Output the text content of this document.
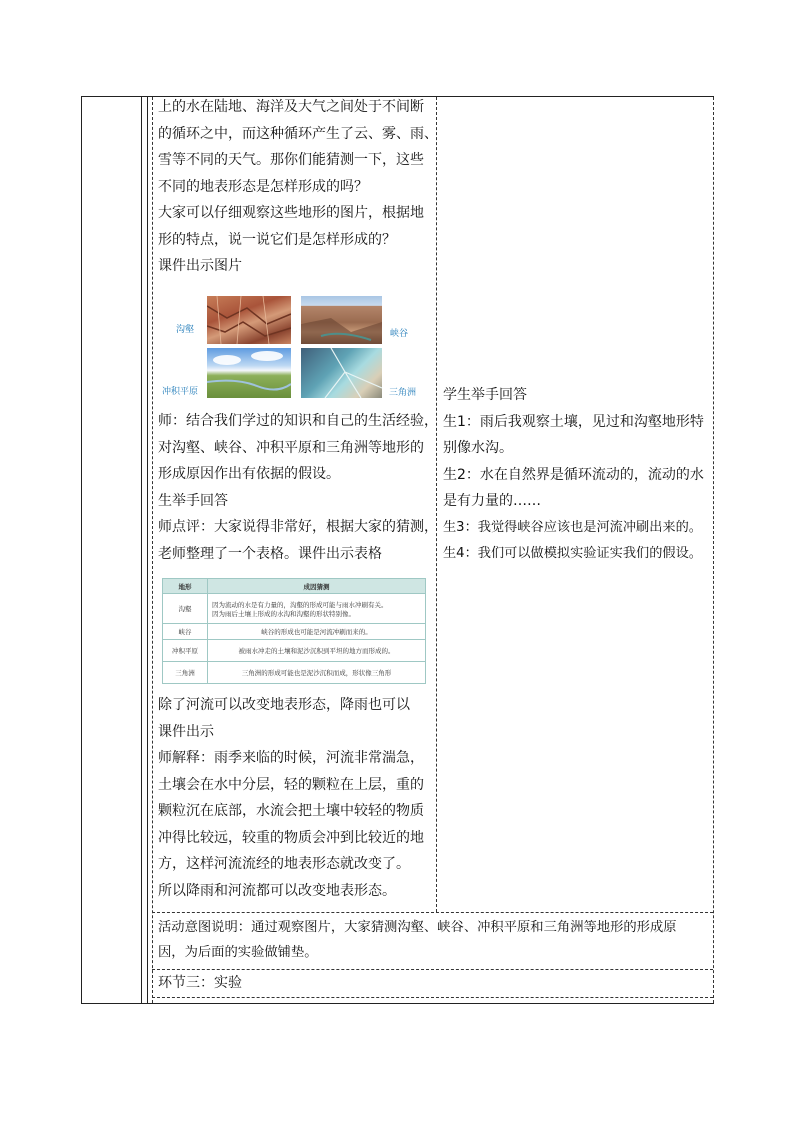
上的水在陆地、海洋及大气之间处于不间断

的循环之中，而这种循环产生了云、雾、雨、

雪等不同的天气。那你们能猜测一下，这些

不同的地表形态是怎样形成的吗？

大家可以仔细观察这些地形的图片，根据地

形的特点，说一说它们是怎样形成的？

课件出示图片

沟壑	峡谷
冲积平原	三角洲

师：结合我们学过的知识和自己的生活经验，

对沟壑、峡谷、冲积平原和三角洲等地形的

形成原因作出有依据的假设。

生举手回答

师点评：大家说得非常好，根据大家的猜测，

老师整理了一个表格。课件出示表格

地形	成因猜测
沟壑	因为流动的水是有力量的，沟壑的形成可能与雨水冲刷有关。
因为雨后土壤上形成的水沟和沟壑的形状特别像。

峡谷	峡谷的形成也可能是河流冲刷而来的。
冲积平原	被雨水冲走的土壤和泥沙沉积到平坦的地方而形成的。
三角洲	三角洲的形成可能也是泥沙沉积而成，形状像三角形

除了河流可以改变地表形态，降雨也可以

课件出示

师解释：雨季来临的时候，河流非常湍急，

土壤会在水中分层，轻的颗粒在上层，重的

颗粒沉在底部，水流会把土壤中较轻的物质

冲得比较远，较重的物质会冲到比较近的地

方，这样河流流经的地表形态就改变了。

所以降雨和河流都可以改变地表形态。

学生举手回答

生1：雨后我观察土壤，见过和沟壑地形特

别像水沟。

生2：水在自然界是循环流动的，流动的水

是有力量的……

生3：我觉得峡谷应该也是河流冲刷出来的。

生4：我们可以做模拟实验证实我们的假设。

活动意图说明：通过观察图片，大家猜测沟壑、峡谷、冲积平原和三角洲等地形的形成原
因，为后面的实验做铺垫。
环节三：实验
